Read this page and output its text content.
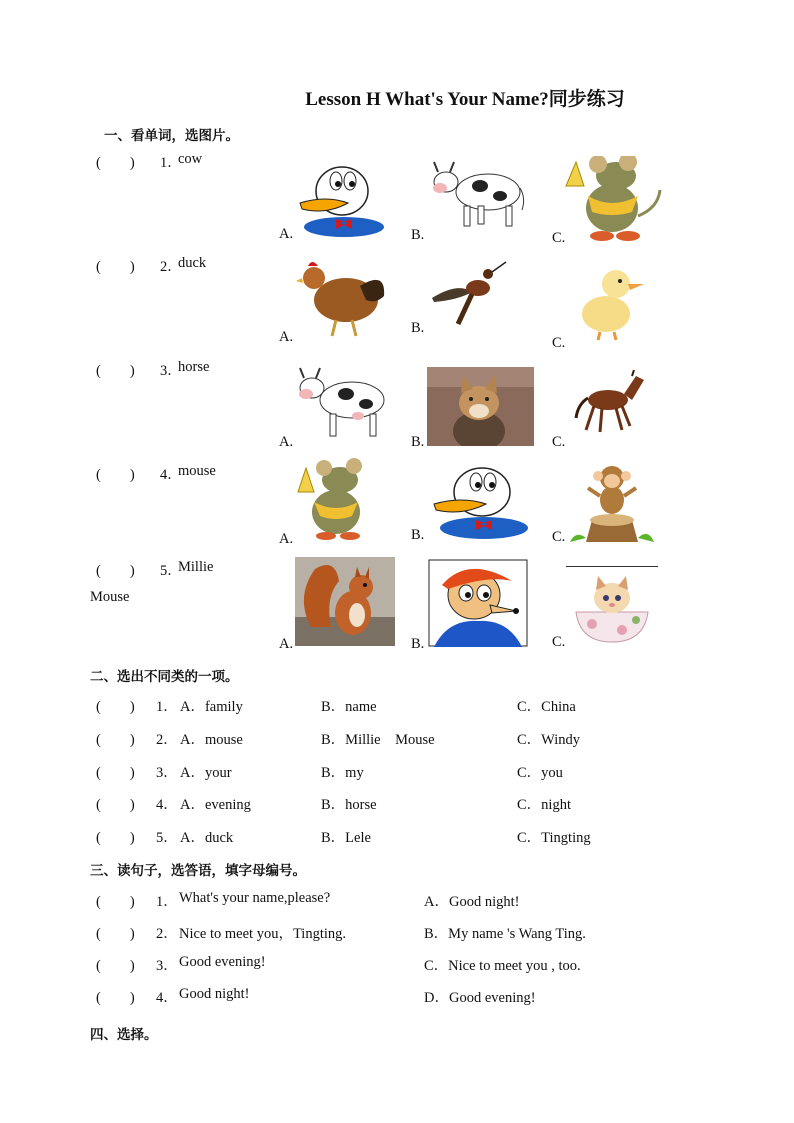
Lesson H What's Your Name?同步练习
一、看单词，选图片。
(　　) 1．
cow
A.	B.	C.
(　　) 2．
duck
A.
B.
C.
(　　) 3．
horse
A.	B.	C.
(　　) 4．
mouse
A.	B.	C.
(　　) 5．
Millie
Mouse
A.	B.	C.
二、选出不同类的一项。
(　　) 1． A．family	B．name	C．China
(　　) 2． A．mouse	B．Millie　Mouse	C．Windy
(　　) 3． A．your	B．my	C．you
(　　) 4． A．evening	B．horse	C．night
(　　) 5． A．duck	B．Lele	C．Tingting
三、读句子，选答语，填字母编号。
(　　) 1． What's your name,please?	A．Good night!
(　　) 2． Nice to meet you，Tingting.	B．My name 's Wang Ting.
(　　) 3． Good evening!	C．Nice to meet you , too.
(　　) 4． Good night!	D．Good evening!
四、选择。
